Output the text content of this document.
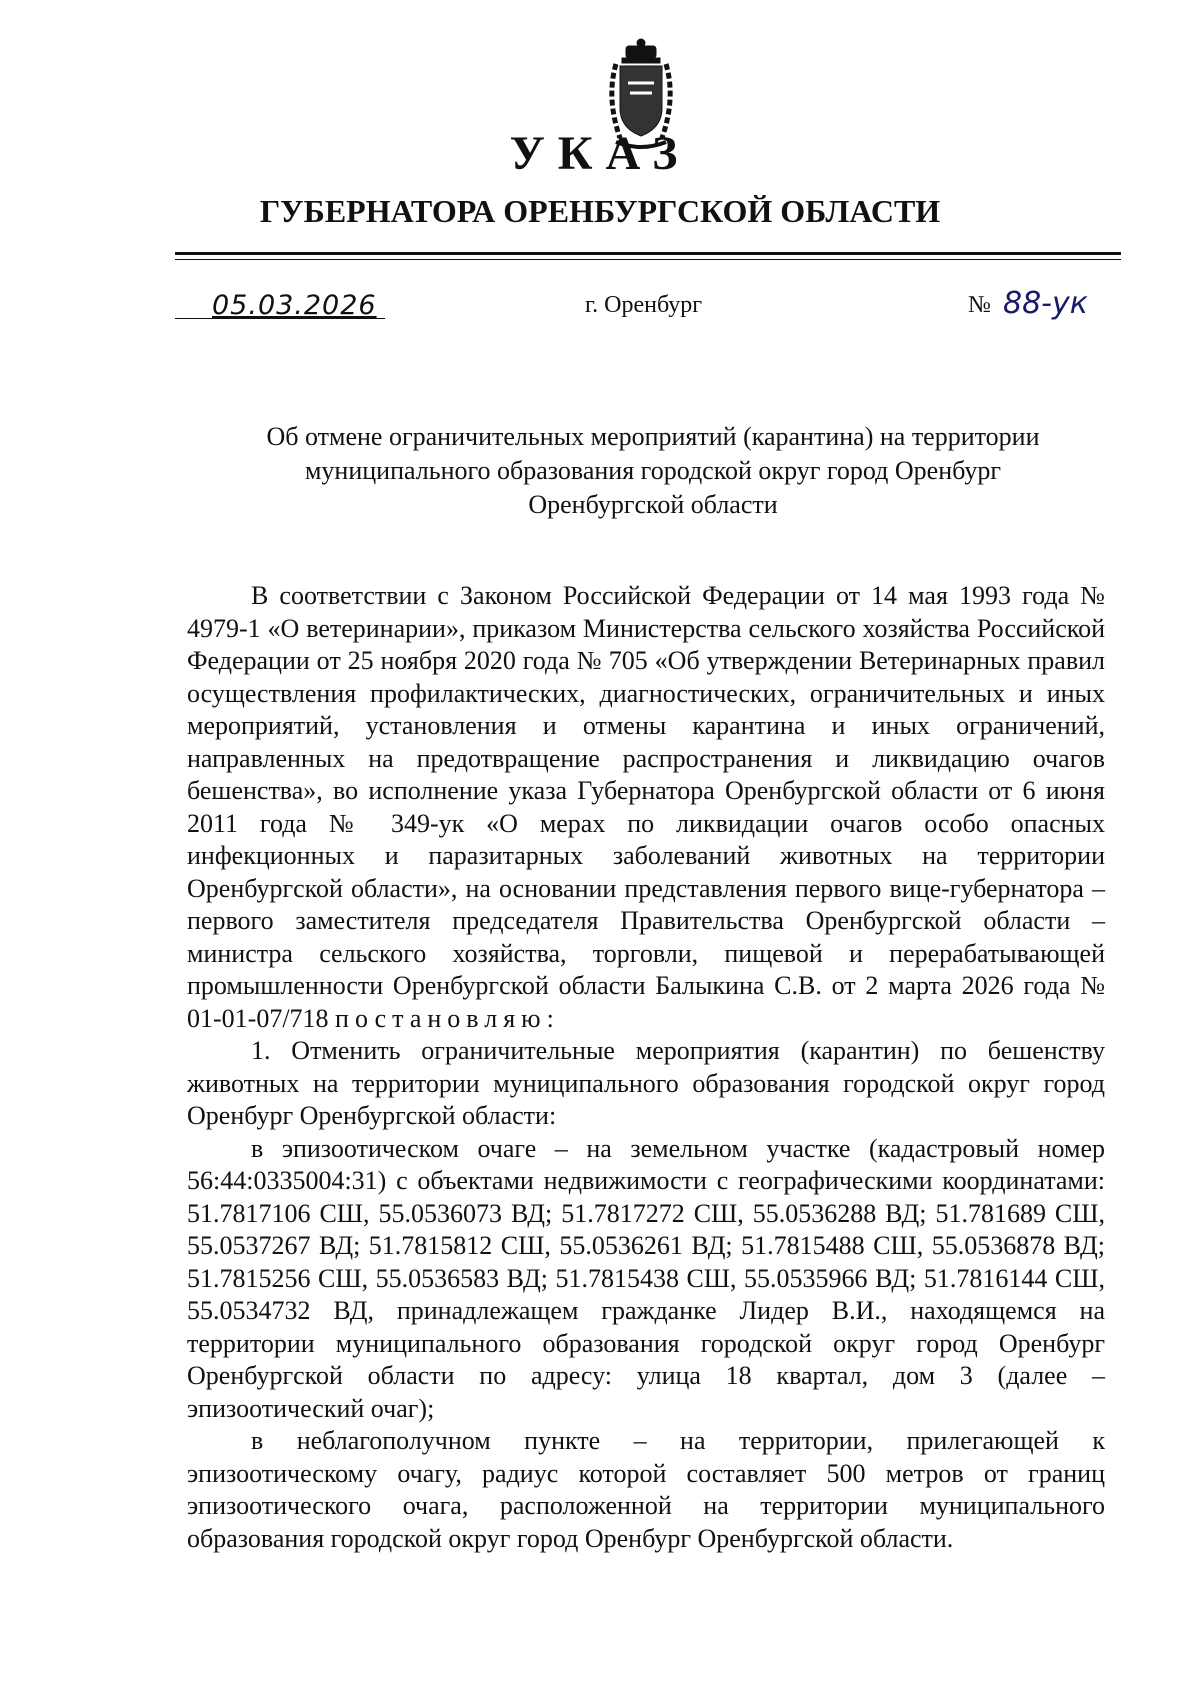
УКАЗ
ГУБЕРНАТОРА ОРЕНБУРГСКОЙ ОБЛАСТИ
05.03.2026	г. Оренбург	№ 88-ук
Об отмене ограничительных мероприятий (карантина) на территории
муниципального образования городской округ город Оренбург
Оренбургской области

В соответствии с Законом Российской Федерации от 14 мая 1993 года № 4979-1 «О ветеринарии», приказом Министерства сельского хозяйства Российской Федерации от 25 ноября 2020 года № 705 «Об утверждении Ветеринарных правил осуществления профилактических, диагностических, ограничительных и иных мероприятий, установления и отмены карантина и иных ограничений, направленных на предотвращение распространения и ликвидацию очагов бешенства», во исполнение указа Губернатора Оренбургской области от 6 июня 2011 года № 349-ук «О мерах по ликвидации очагов особо опасных инфекционных и паразитарных заболеваний животных на территории Оренбургской области», на основании представления первого вице-губернатора – первого заместителя председателя Правительства Оренбургской области – министра сельского хозяйства, торговли, пищевой и перерабатывающей промышленности Оренбургской области Балыкина С.В. от 2 марта 2026 года № 01-01-07/718 постановляю:

1. Отменить ограничительные мероприятия (карантин) по бешенству животных на территории муниципального образования городской округ город Оренбург Оренбургской области:

в эпизоотическом очаге – на земельном участке (кадастровый номер 56:44:0335004:31) с объектами недвижимости с географическими координатами: 51.7817106 СШ, 55.0536073 ВД; 51.7817272 СШ, 55.0536288 ВД; 51.781689 СШ, 55.0537267 ВД; 51.7815812 СШ, 55.0536261 ВД; 51.7815488 СШ, 55.0536878 ВД; 51.7815256 СШ, 55.0536583 ВД; 51.7815438 СШ, 55.0535966 ВД; 51.7816144 СШ, 55.0534732 ВД, принадлежащем гражданке Лидер В.И., находящемся на территории муниципального образования городской округ город Оренбург Оренбургской области по адресу: улица 18 квартал, дом 3 (далее – эпизоотический очаг);

в неблагополучном пункте – на территории, прилегающей к эпизоотическому очагу, радиус которой составляет 500 метров от границ эпизоотического очага, расположенной на территории муниципального образования городской округ город Оренбург Оренбургской области.
